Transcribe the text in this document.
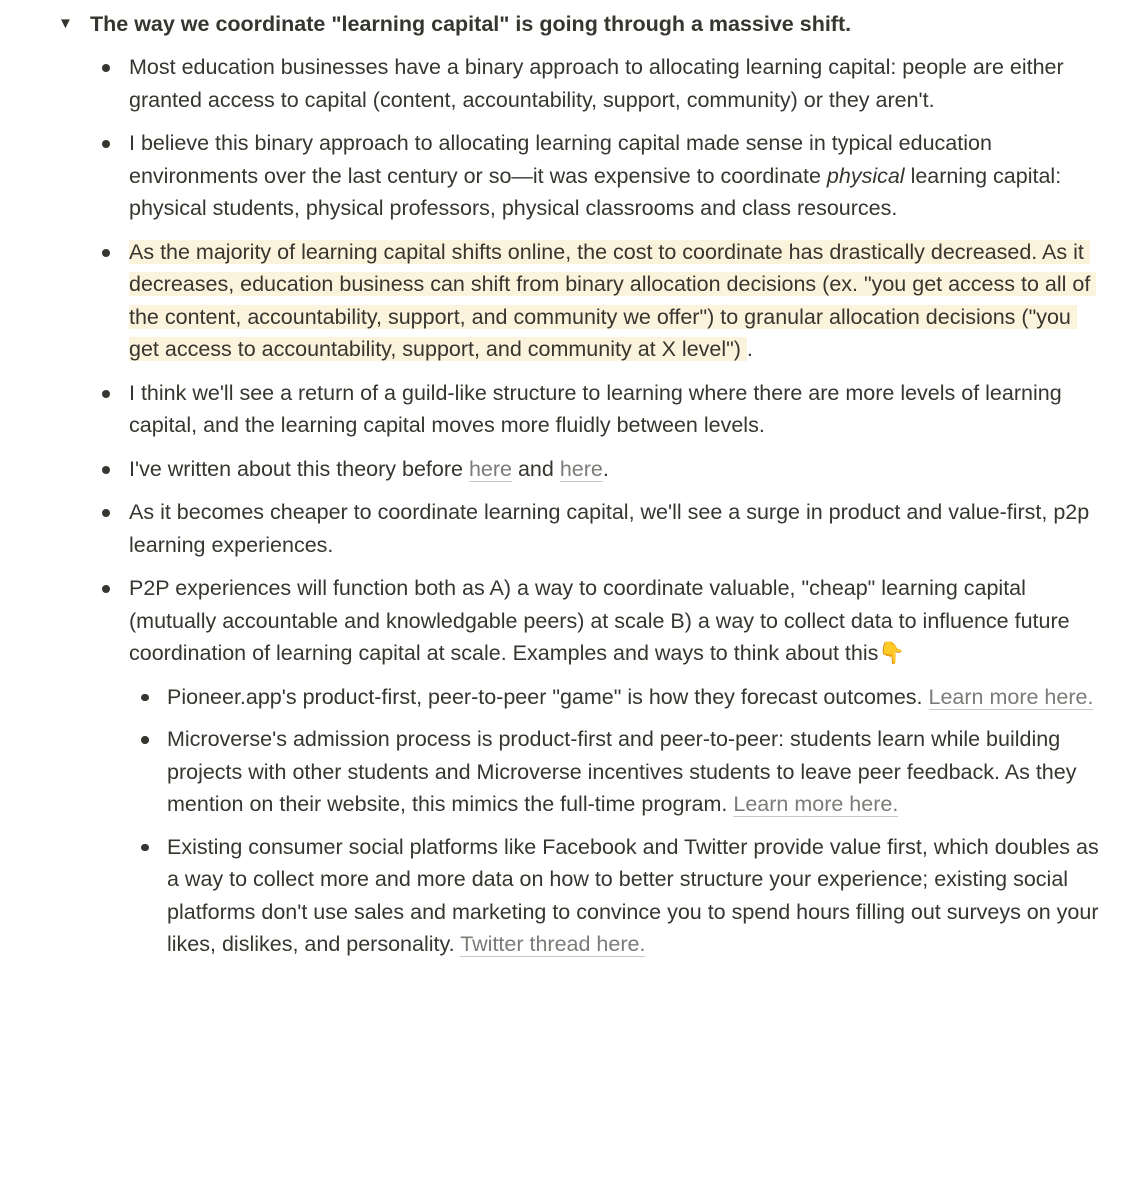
▼ The way we coordinate "learning capital" is going through a massive shift.
Most education businesses have a binary approach to allocating learning capital: people are either granted access to capital (content, accountability, support, community) or they aren't.
I believe this binary approach to allocating learning capital made sense in typical education environments over the last century or so—it was expensive to coordinate physical learning capital: physical students, physical professors, physical classrooms and class resources.
As the majority of learning capital shifts online, the cost to coordinate has drastically decreased. As it decreases, education business can shift from binary allocation decisions (ex. "you get access to all of the content, accountability, support, and community we offer") to granular allocation decisions ("you get access to accountability, support, and community at X level") .
I think we'll see a return of a guild-like structure to learning where there are more levels of learning capital, and the learning capital moves more fluidly between levels.
I've written about this theory before here and here.
As it becomes cheaper to coordinate learning capital, we'll see a surge in product and value-first, p2p learning experiences.
P2P experiences will function both as A) a way to coordinate valuable, "cheap" learning capital (mutually accountable and knowledgable peers) at scale B) a way to collect data to influence future coordination of learning capital at scale. Examples and ways to think about this👇
Pioneer.app's product-first, peer-to-peer "game" is how they forecast outcomes. Learn more here.
Microverse's admission process is product-first and peer-to-peer: students learn while building projects with other students and Microverse incentives students to leave peer feedback. As they mention on their website, this mimics the full-time program. Learn more here.
Existing consumer social platforms like Facebook and Twitter provide value first, which doubles as a way to collect more and more data on how to better structure your experience; existing social platforms don't use sales and marketing to convince you to spend hours filling out surveys on your likes, dislikes, and personality. Twitter thread here.
